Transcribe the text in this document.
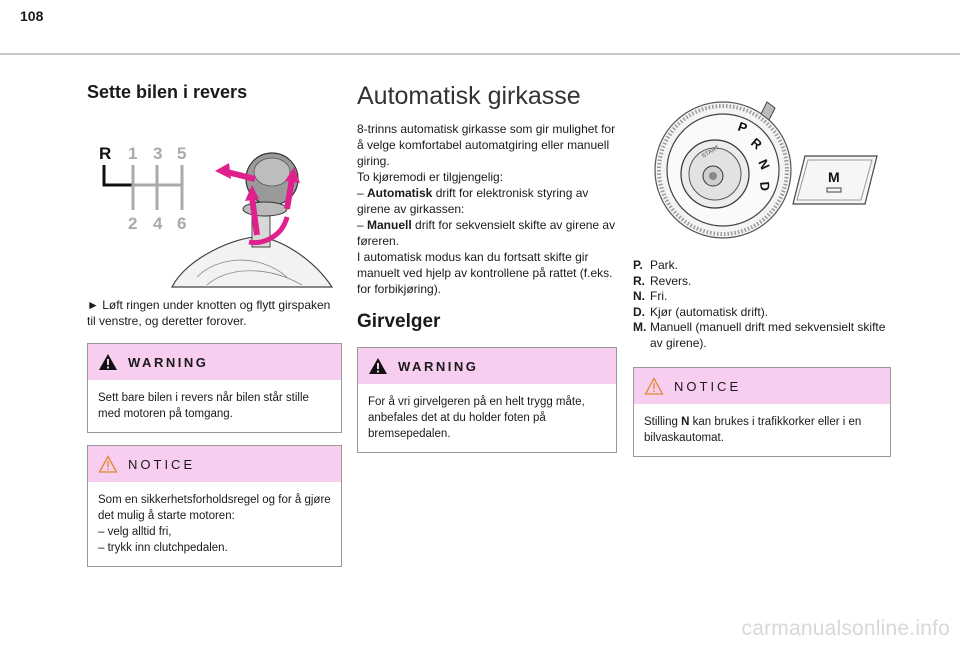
108
Sette bilen i revers
R 1 3 5
2 4 6

► Løft ringen under knotten og flytt girspaken til venstre, og deretter forover.

WARNING
Sett bare bilen i revers når bilen står stille med motoren på tomgang.
NOTICE
Som en sikkerhetsforholdsregel og for å gjøre det mulig å starte motoren:
– velg alltid fri,
– trykk inn clutchpedalen.
Automatisk girkasse

8-trinns automatisk girkasse som gir mulighet for å velge komfortabel automatgiring eller manuell giring.

To kjøremodi er tilgjengelig:

– Automatisk drift for elektronisk styring av girene av girkassen:

– Manuell drift for sekvensielt skifte av girene av føreren.

I automatisk modus kan du fortsatt skifte gir manuelt ved hjelp av kontrollene på rattet (f.eks. for forbikjøring).

Girvelger
WARNING
For å vri girvelgeren på en helt trygg måte, anbefales det at du holder foten på bremsepedalen.
START
P
R
N
D
M
P. Park.
R. Revers.
N. Fri.
D. Kjør (automatisk drift).
M. Manuell (manuell drift med sekvensielt skifte av girene).
NOTICE
Stilling N kan brukes i trafikkorker eller i en bilvaskautomat.
carmanualsonline.info
